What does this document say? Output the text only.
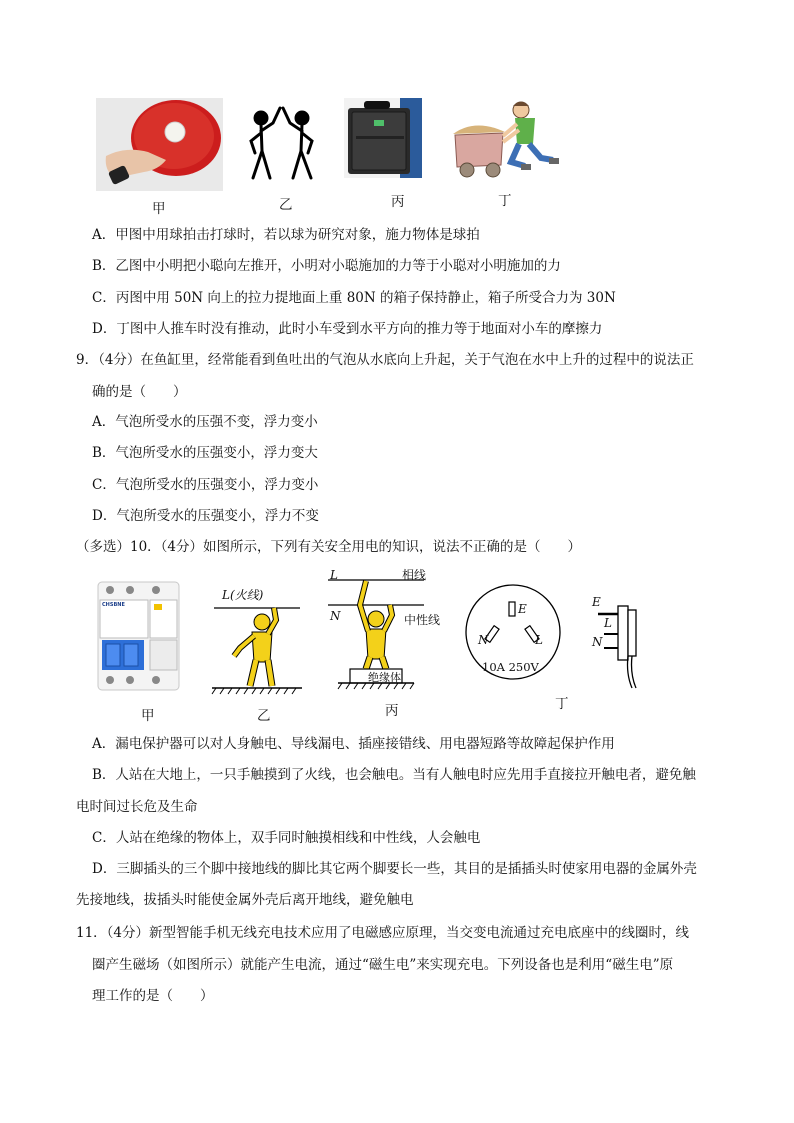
甲	乙	丙	丁
A．甲图中用球拍击打球时，若以球为研究对象，施力物体是球拍
B．乙图中小明把小聪向左推开，小明对小聪施加的力等于小聪对小明施加的力
C．丙图中用 50N 向上的拉力提地面上重 80N 的箱子保持静止，箱子所受合力为 30N
D．丁图中人推车时没有推动，此时小车受到水平方向的推力等于地面对小车的摩擦力
9．（4分）在鱼缸里，经常能看到鱼吐出的气泡从水底向上升起，关于气泡在水中上升的过程中的说法正
确的是（　　）
A．气泡所受水的压强不变，浮力变小
B．气泡所受水的压强变小，浮力变大
C．气泡所受水的压强变小，浮力变小
D．气泡所受水的压强变小，浮力不变
（多选）10．（4分）如图所示，下列有关安全用电的知识，说法不正确的是（　　）
CHSBNE
L(火线)
L
N
相线
中性线
绝缘体
E
N	L
10A 250V
E
L
N
甲	乙	丙	丁
A．漏电保护器可以对人身触电、导线漏电、插座接错线、用电器短路等故障起保护作用
B．人站在大地上，一只手触摸到了火线，也会触电。当有人触电时应先用手直接拉开触电者，避免触
电时间过长危及生命
C．人站在绝缘的物体上，双手同时触摸相线和中性线，人会触电
D．三脚插头的三个脚中接地线的脚比其它两个脚要长一些，其目的是插插头时使家用电器的金属外壳
先接地线，拔插头时能使金属外壳后离开地线，避免触电
11．（4分）新型智能手机无线充电技术应用了电磁感应原理，当交变电流通过充电底座中的线圈时，线
圈产生磁场（如图所示）就能产生电流，通过“磁生电”来实现充电。下列设备也是利用“磁生电”原
理工作的是（　　）
